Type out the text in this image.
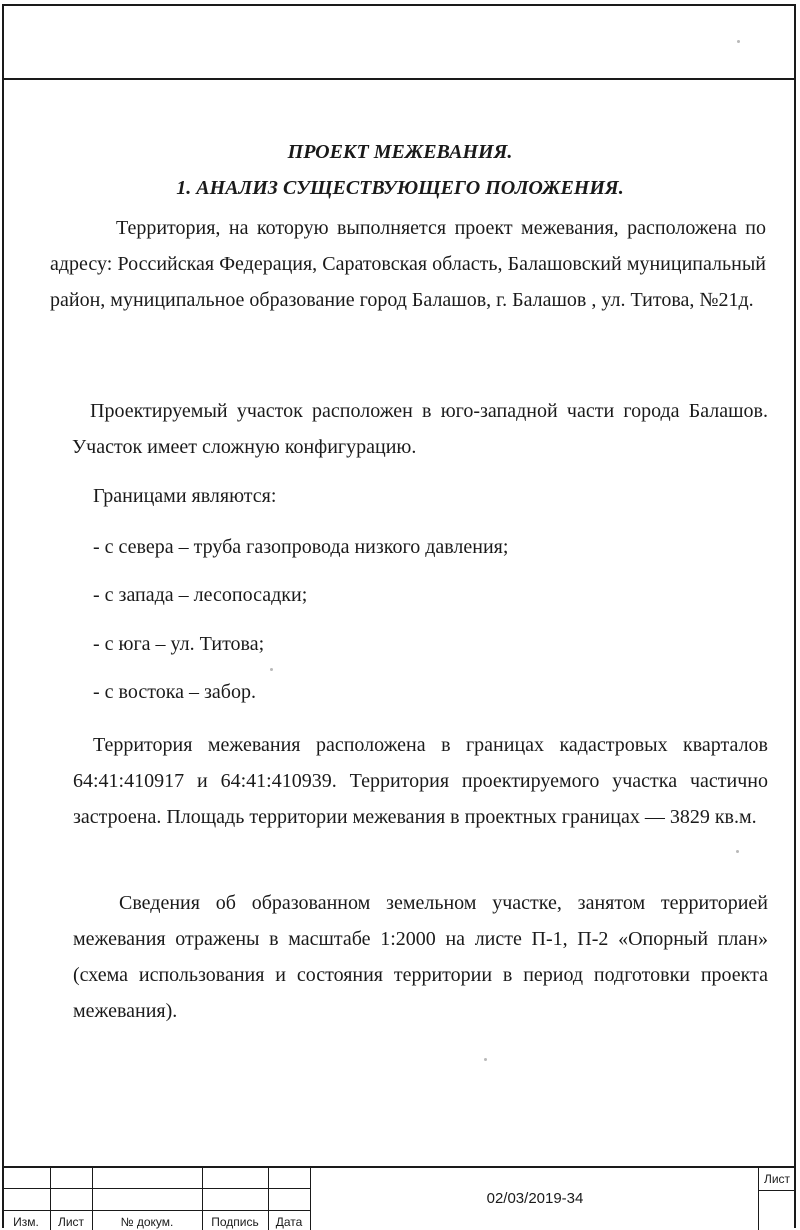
ПРОЕКТ МЕЖЕВАНИЯ.
1. АНАЛИЗ СУЩЕСТВУЮЩЕГО ПОЛОЖЕНИЯ.

Территория, на которую выполняется проект межевания, расположена по адресу: Российская Федерация, Саратовская область, Балашовский муниципальный район, муниципальное образование город Балашов, г. Балашов , ул. Титова, №21д.

Проектируемый участок расположен в юго-западной части города Балашов. Участок имеет сложную конфигурацию.

Границами являются:

- с севера – труба газопровода низкого давления;

- с запада – лесопосадки;

- с юга – ул. Титова;

- с востока – забор.

Территория межевания расположена в границах кадастровых кварталов 64:41:410917 и 64:41:410939. Территория проектируемого участка частично застроена. Площадь территории межевания в проектных границах — 3829 кв.м.

Сведения об образованном земельном участке, занятом территорией межевания отражены в масштабе 1:2000 на листе П-1, П-2 «Опорный план» (схема использования и состояния территории в период подготовки проекта межевания).

Изм.	Лист	№ докум.	Подпись	Дата
02/03/2019-34
Лист
